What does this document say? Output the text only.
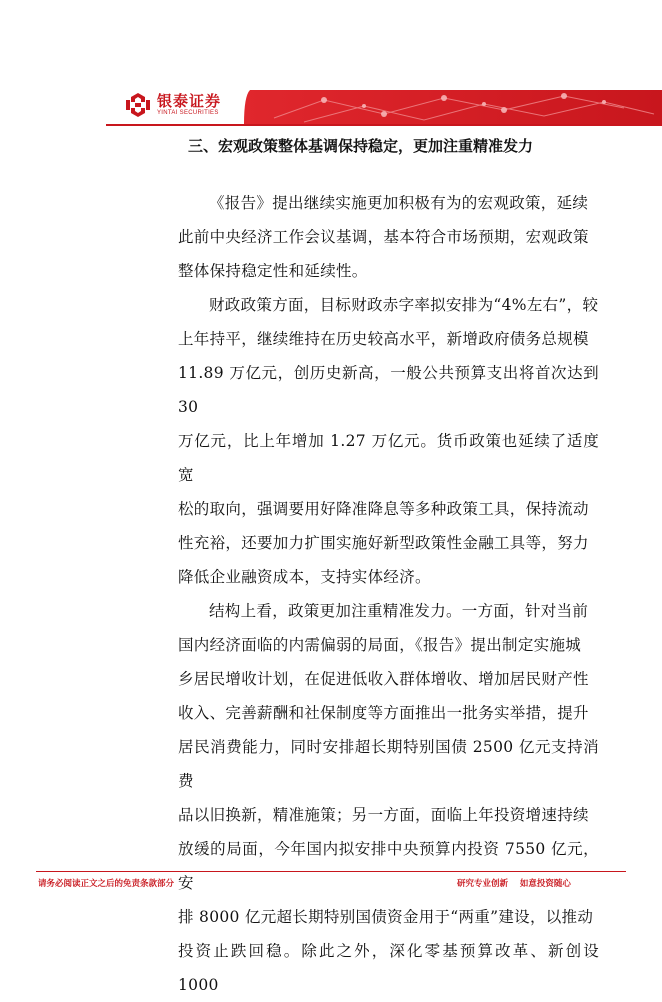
银泰证券
YINTAI SECURITIES
三、宏观政策整体基调保持稳定，更加注重精准发力

《报告》提出继续实施更加积极有为的宏观政策，延续
此前中央经济工作会议基调，基本符合市场预期，宏观政策
整体保持稳定性和延续性。

财政政策方面，目标财政赤字率拟安排为“4%左右”，较
上年持平，继续维持在历史较高水平，新增政府债务总规模
11.89 万亿元，创历史新高，一般公共预算支出将首次达到 30
万亿元，比上年增加 1.27 万亿元。货币政策也延续了适度宽
松的取向，强调要用好降准降息等多种政策工具，保持流动
性充裕，还要加力扩围实施好新型政策性金融工具等，努力
降低企业融资成本，支持实体经济。

结构上看，政策更加注重精准发力。一方面，针对当前
国内经济面临的内需偏弱的局面，《报告》提出制定实施城
乡居民增收计划，在促进低收入群体增收、增加居民财产性
收入、完善薪酬和社保制度等方面推出一批务实举措，提升
居民消费能力，同时安排超长期特别国债 2500 亿元支持消费
品以旧换新，精准施策；另一方面，面临上年投资增速持续
放缓的局面，今年国内拟安排中央预算内投资 7550 亿元，安
排 8000 亿元超长期特别国债资金用于“两重”建设，以推动
投资止跌回稳。除此之外，深化零基预算改革、新创设 1000

请务必阅读正文之后的免责条款部分	研究专业创新    如意投资随心
